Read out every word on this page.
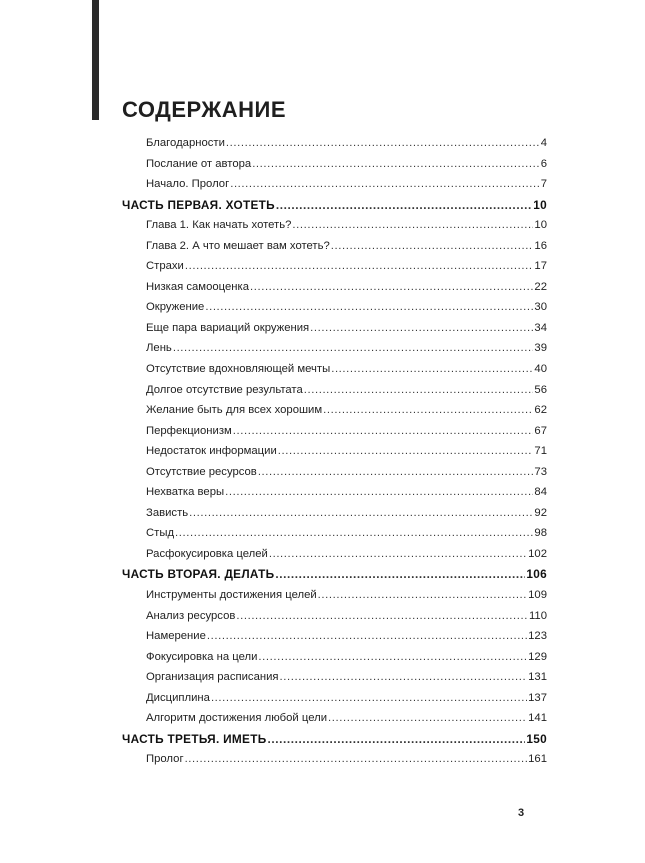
СОДЕРЖАНИЕ
Благодарности .....	4
Послание от автора .....	6
Начало. Пролог .....	7
ЧАСТЬ ПЕРВАЯ. ХОТЕТЬ .....	10
Глава 1. Как начать хотеть? .....	10
Глава 2. А что мешает вам хотеть? .....	16
Страхи .....	17
Низкая самооценка .....	22
Окружение .....	30
Еще пара вариаций окружения .....	34
Лень .....	39
Отсутствие вдохновляющей мечты .....	40
Долгое отсутствие результата .....	56
Желание быть для всех хорошим .....	62
Перфекционизм .....	67
Недостаток информации .....	71
Отсутствие ресурсов .....	73
Нехватка веры .....	84
Зависть .....	92
Стыд .....	98
Расфокусировка целей .....	102
ЧАСТЬ ВТОРАЯ. ДЕЛАТЬ .....	106
Инструменты достижения целей .....	109
Анализ ресурсов .....	110
Намерение .....	123
Фокусировка на цели .....	129
Организация расписания .....	131
Дисциплина .....	137
Алгоритм достижения любой цели .....	141
ЧАСТЬ ТРЕТЬЯ. ИМЕТЬ .....	150
Пролог .....	161
3
